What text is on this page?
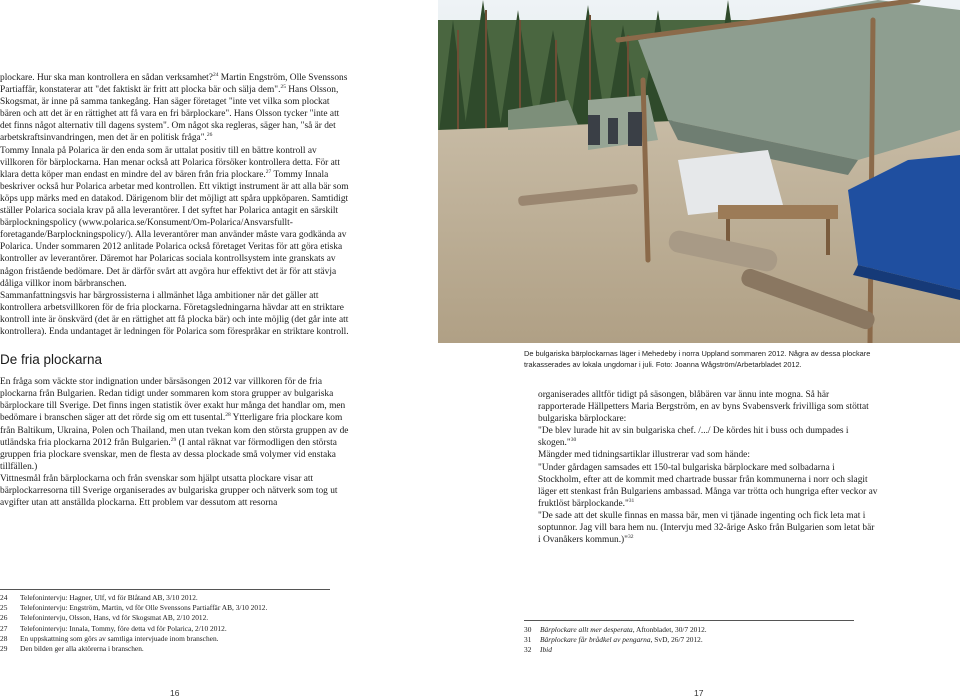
plockare. Hur ska man kontrollera en sådan verksamhet?$^{24}$ Martin Engström, Olle Svenssons Partiaffär, konstaterar att "det faktiskt är fritt att plocka bär och sälja dem".$^{25}$ Hans Olsson, Skogsmat, är inne på samma tankegång. Han säger företaget "inte vet vilka som plockat bären och att det är en rättighet att få vara en fri bärplockare". Hans Olsson tycker "inte att det finns något alternativ till dagens system". Om något ska regleras, säger han, "så är det arbetskraftsinvandringen, men det är en politisk fråga".$^{26}$

Tommy Innala på Polarica är den enda som är uttalat positiv till en bättre kontroll av villkoren för bärplockarna. Han menar också att Polarica försöker kontrollera detta. För att klara detta köper man endast en mindre del av bären från fria plockare.$^{27}$ Tommy Innala beskriver också hur Polarica arbetar med kontrollen. Ett viktigt instrument är att alla bär som köps upp märks med en datakod. Därigenom blir det möjligt att spåra uppköparen. Samtidigt ställer Polarica sociala krav på alla leverantörer. I det syftet har Polarica antagit en särskilt bärplockningspolicy (www.polarica.se/Konsument/Om-Polarica/Ansvarsfullt-foretagande/Barplockningspolicy/). Alla leverantörer man använder måste vara godkända av Polarica. Under sommaren 2012 anlitade Polarica också företaget Veritas för att göra etiska kontroller av leverantörer. Däremot har Polaricas sociala kontrollsystem inte granskats av någon fristående bedömare. Det är därför svårt att avgöra hur effektivt det är för att stävja dåliga villkor inom bärbranschen.

Sammanfattningsvis har bärgrossisterna i allmänhet låga ambitioner när det gäller att kontrollera arbetsvillkoren för de fria plockarna. Företagsledningarna hävdar att en striktare kontroll inte är önskvärd (det är en rättighet att få plocka bär) och inte möjlig (det går inte att kontrollera). Enda undantaget är ledningen för Polarica som förespråkar en striktare kontroll.

De fria plockarna

En fråga som väckte stor indignation under bärsäsongen 2012 var villkoren för de fria plockarna från Bulgarien. Redan tidigt under sommaren kom stora grupper av bulgariska bärplockare till Sverige. Det finns ingen statistik över exakt hur många det handlar om, men bedömare i branschen säger att det rörde sig om ett tusental.$^{28}$ Ytterligare fria plockare kom från Baltikum, Ukraina, Polen och Thailand, men utan tvekan kom den största gruppen av de utländska fria plockarna 2012 från Bulgarien.$^{29}$ (I antal räknat var förmodligen den största gruppen fria plockare svenskar, men de flesta av dessa plockade små volymer vid enstaka tillfällen.)

Vittnesmål från bärplockarna och från svenskar som hjälpt utsatta plockare visar att bärplockarresorna till Sverige organiserades av bulgariska grupper och nätverk som tog ut avgifter utan att anställda plockarna. Ett problem var dessutom att resorna

24	Telefonintervju: Hagner, Ulf, vd för Blåtand AB, 3/10 2012.
25	Telefonintervju: Engström, Martin, vd för Olle Svenssons Partiaffär AB, 3/10 2012.
26	Telefonintervju, Olsson, Hans, vd för Skogsmat AB, 2/10 2012.
27	Telefonintervju: Innala, Tommy, före detta vd för Polarica, 2/10 2012.
28	En uppskattning som görs av samtliga intervjuade inom branschen.
29	Den bilden ger alla aktörerna i branschen.
16
De bulgariska bärplockarnas läger i Mehedeby i norra Uppland sommaren 2012. Några av dessa plockare trakasserades av lokala ungdomar i juli. Foto: Joanna Wågström/Arbetarbladet 2012.

organiserades alltför tidigt på säsongen, blåbären var ännu inte mogna. Så här rapporterade Hällpetters Maria Bergström, en av byns Svabensverk frivilliga som stöttat bulgariska bärplockare:

"De blev lurade hit av sin bulgariska chef. /.../ De kördes hit i buss och dumpades i skogen."$^{30}$

Mängder med tidningsartiklar illustrerar vad som hände:

"Under gårdagen samsades ett 150-tal bulgariska bärplockare med solbadarna i Stockholm, efter att de kommit med chartrade bussar från kommunerna i norr och slagit läger ett stenkast från Bulgariens ambassad. Många var trötta och hungriga efter veckor av fruktlöst bärplockande."$^{31}$

"De sade att det skulle finnas en massa bär, men vi tjänade ingenting och fick leta mat i soptunnor. Jag vill bara hem nu. (Intervju med 32-årige Asko från Bulgarien som letat bär i Ovanåkers kommun.)"$^{32}$

30	Bärplockare allt mer desperata, Aftonbladet, 30/7 2012.
31	Bärplockare får brådkel av pengarna, SvD, 26/7 2012.
32	Ibid
17
